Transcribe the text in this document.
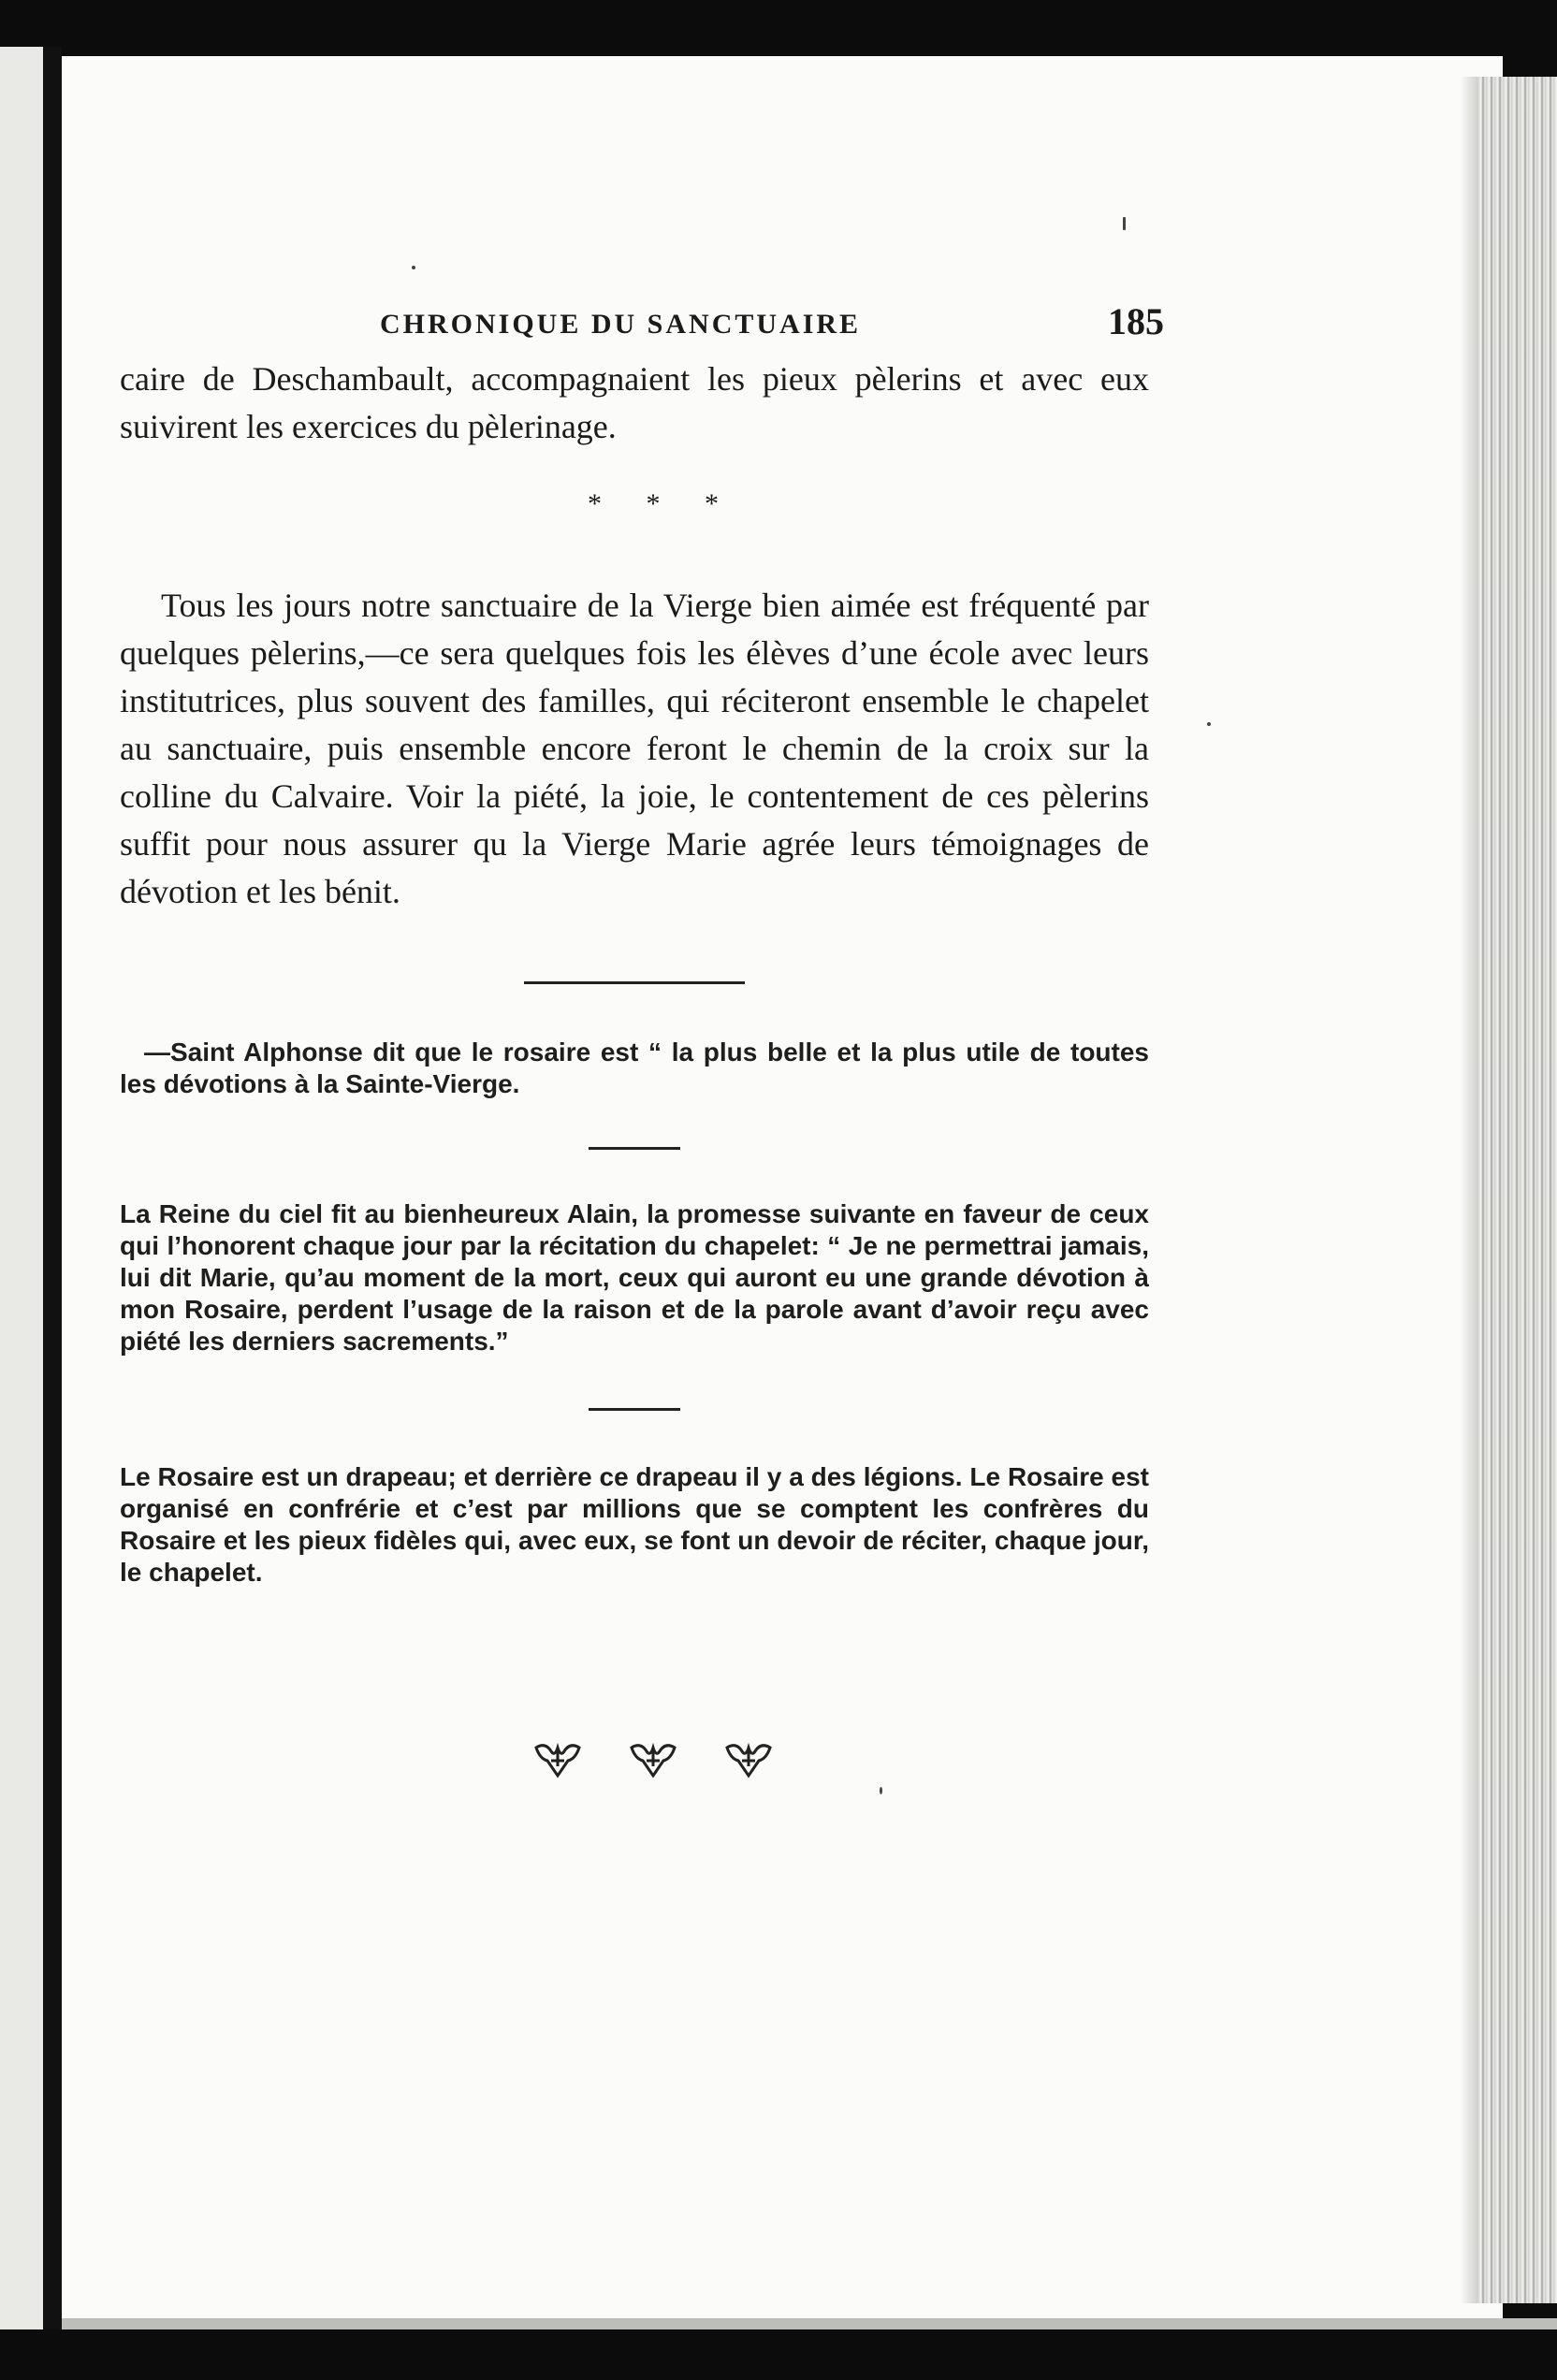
CHRONIQUE DU SANCTUAIRE	185

caire de Deschambault, accompagnaient les pieux pèlerins et avec eux suivirent les exercices du pèlerinage.

* * *

Tous les jours notre sanctuaire de la Vierge bien aimée est fréquenté par quelques pèlerins,—ce sera quelques fois les élèves d’une école avec leurs institutrices, plus souvent des familles, qui réciteront ensemble le chapelet au sanctuaire, puis ensemble encore feront le chemin de la croix sur la colline du Calvaire. Voir la piété, la joie, le contentement de ces pèlerins suffit pour nous assurer qu la Vierge Marie agrée leurs témoignages de dévotion et les bénit.

—Saint Alphonse dit que le rosaire est “ la plus belle et la plus utile de toutes les dévotions à la Sainte-Vierge.

La Reine du ciel fit au bienheureux Alain, la promesse suivante en faveur de ceux qui l’honorent chaque jour par la récitation du chapelet: “ Je ne permettrai jamais, lui dit Marie, qu’au moment de la mort, ceux qui auront eu une grande dévotion à mon Rosaire, perdent l’usage de la raison et de la parole avant d’avoir reçu avec piété les derniers sacrements.”

Le Rosaire est un drapeau; et derrière ce drapeau il y a des légions. Le Rosaire est organisé en confrérie et c’est par millions que se comptent les confrères du Rosaire et les pieux fidèles qui, avec eux, se font un devoir de réciter, chaque jour, le chapelet.
